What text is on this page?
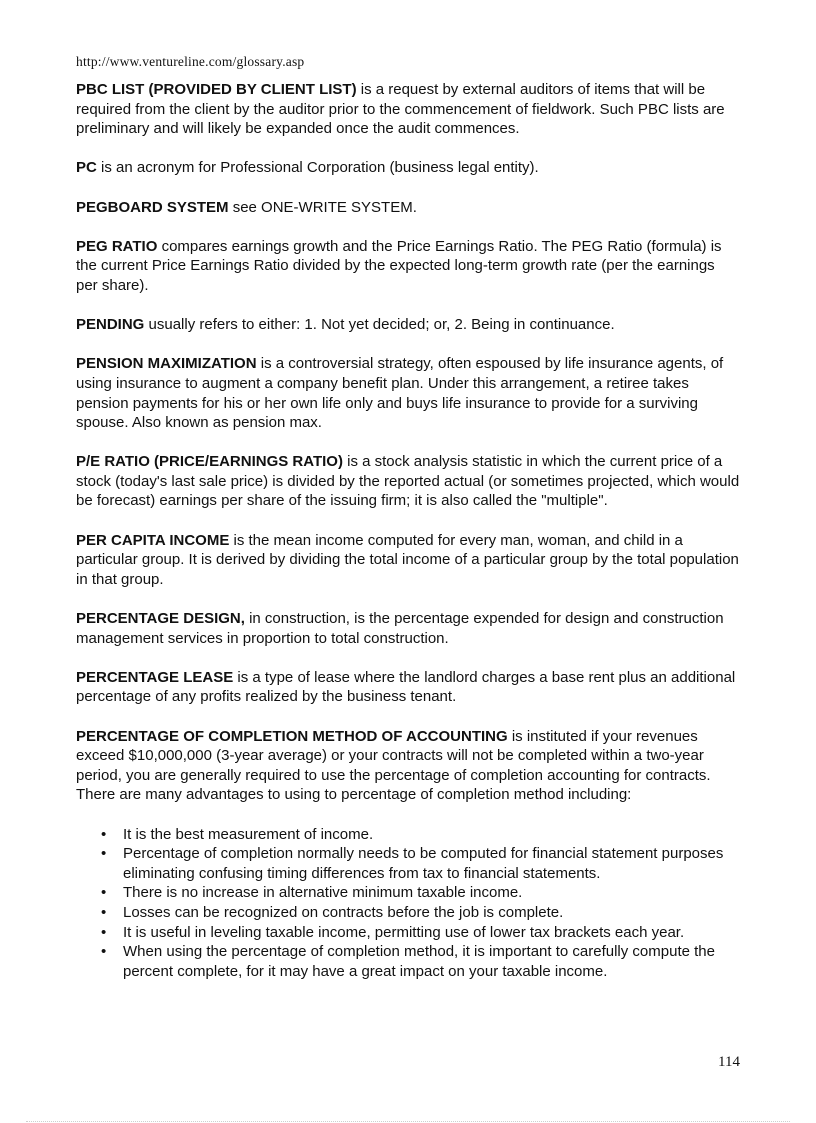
http://www.ventureline.com/glossary.asp

PBC LIST (PROVIDED BY CLIENT LIST) is a request by external auditors of items that will be required from the client by the auditor prior to the commencement of fieldwork. Such PBC lists are preliminary and will likely be expanded once the audit commences.

PC is an acronym for Professional Corporation (business legal entity).

PEGBOARD SYSTEM see ONE-WRITE SYSTEM.

PEG RATIO compares earnings growth and the Price Earnings Ratio. The PEG Ratio (formula) is the current Price Earnings Ratio divided by the expected long-term growth rate (per the earnings per share).

PENDING usually refers to either: 1. Not yet decided; or, 2. Being in continuance.

PENSION MAXIMIZATION is a controversial strategy, often espoused by life insurance agents, of using insurance to augment a company benefit plan. Under this arrangement, a retiree takes pension payments for his or her own life only and buys life insurance to provide for a surviving spouse. Also known as pension max.

P/E RATIO (PRICE/EARNINGS RATIO) is a stock analysis statistic in which the current price of a stock (today's last sale price) is divided by the reported actual (or sometimes projected, which would be forecast) earnings per share of the issuing firm; it is also called the "multiple".

PER CAPITA INCOME is the mean income computed for every man, woman, and child in a particular group. It is derived by dividing the total income of a particular group by the total population in that group.

PERCENTAGE DESIGN, in construction, is the percentage expended for design and construction management services in proportion to total construction.

PERCENTAGE LEASE is a type of lease where the landlord charges a base rent plus an additional percentage of any profits realized by the business tenant.

PERCENTAGE OF COMPLETION METHOD OF ACCOUNTING is instituted if your revenues exceed $10,000,000 (3-year average) or your contracts will not be completed within a two-year period, you are generally required to use the percentage of completion accounting for contracts. There are many advantages to using to percentage of completion method including:

• It is the best measurement of income.
• Percentage of completion normally needs to be computed for financial statement purposes eliminating confusing timing differences from tax to financial statements.
• There is no increase in alternative minimum taxable income.
• Losses can be recognized on contracts before the job is complete.
• It is useful in leveling taxable income, permitting use of lower tax brackets each year.
• When using the percentage of completion method, it is important to carefully compute the percent complete, for it may have a great impact on your taxable income.
114
